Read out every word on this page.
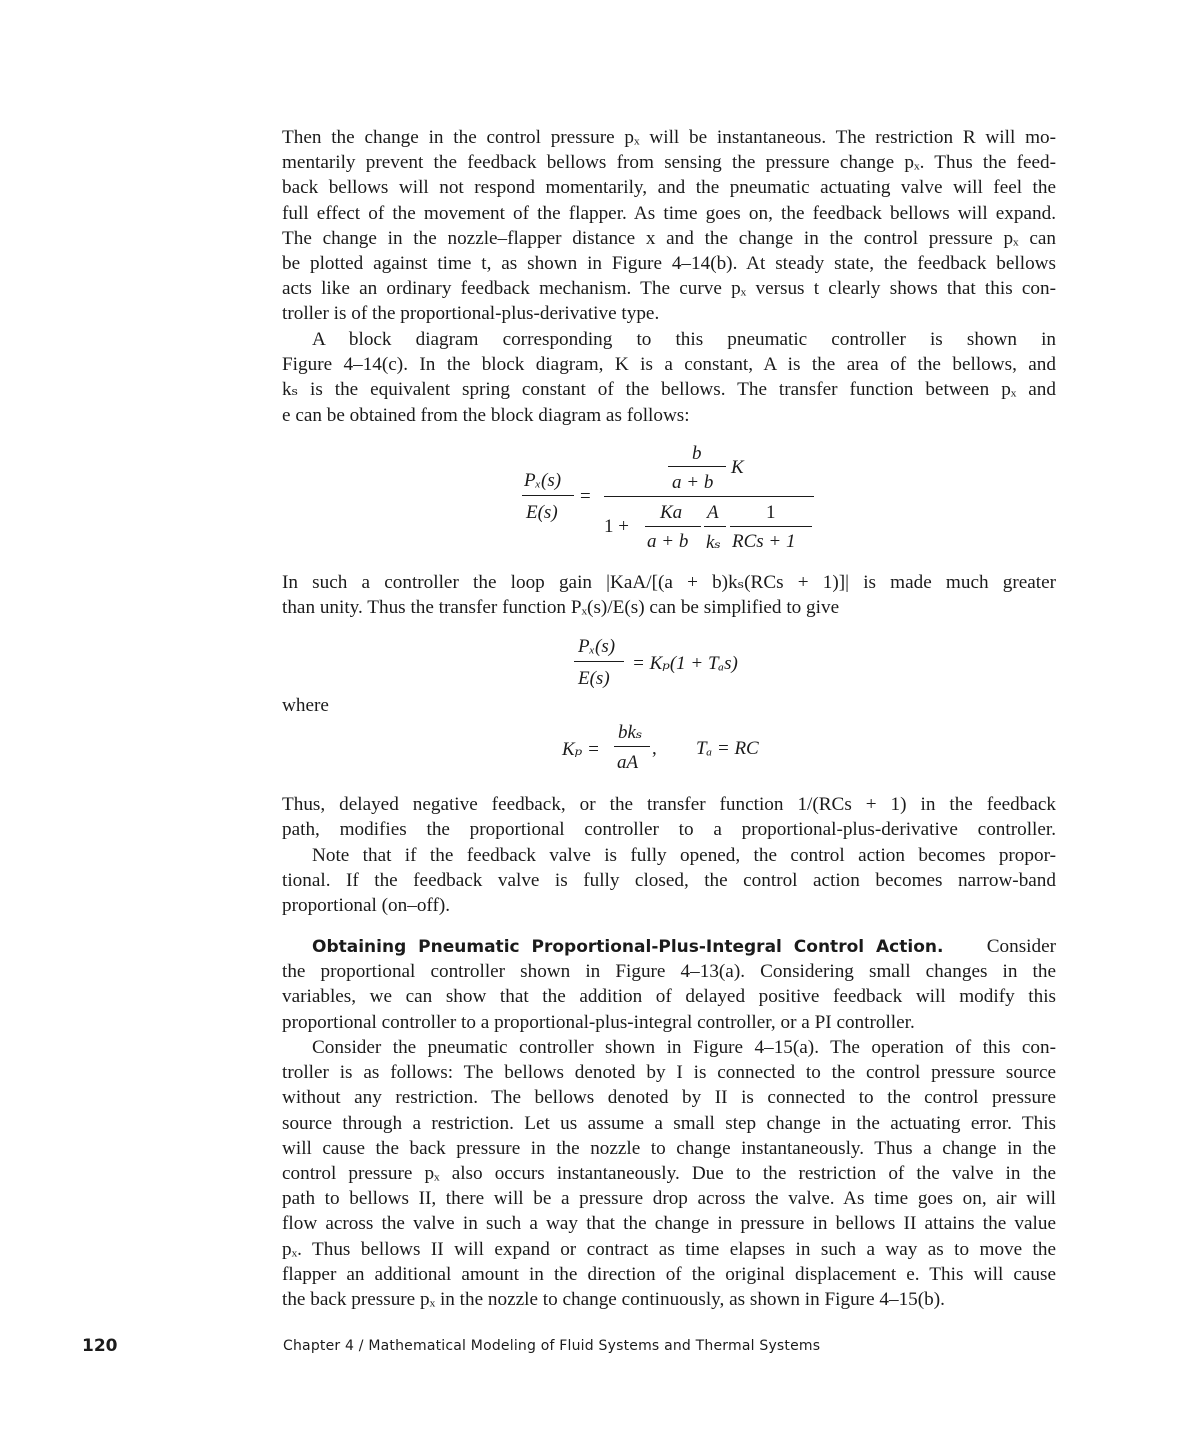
Then the change in the control pressure pₓ will be instantaneous. The restriction R will mo-
mentarily prevent the feedback bellows from sensing the pressure change pₓ. Thus the feed-
back bellows will not respond momentarily, and the pneumatic actuating valve will feel the
full effect of the movement of the flapper. As time goes on, the feedback bellows will expand.
The change in the nozzle–flapper distance x and the change in the control pressure pₓ can
be plotted against time t, as shown in Figure 4–14(b). At steady state, the feedback bellows
acts like an ordinary feedback mechanism. The curve pₓ versus t clearly shows that this con-
troller is of the proportional-plus-derivative type.
A block diagram corresponding to this pneumatic controller is shown in
Figure 4–14(c). In the block diagram, K is a constant, A is the area of the bellows, and
kₛ is the equivalent spring constant of the bellows. The transfer function between pₓ and
e can be obtained from the block diagram as follows:
Pₓ(s)
E(s)
=
b
a + b
K
1 +
Ka
a + b
A
kₛ
1
RCs + 1
In such a controller the loop gain |KaA/[(a + b)kₛ(RCs + 1)]| is made much greater
than unity. Thus the transfer function Pₓ(s)/E(s) can be simplified to give
Pₓ(s)
E(s)
= Kₚ(1 + Tₐs)
where
Kₚ =
bkₛ
aA
, Tₐ = RC
Thus, delayed negative feedback, or the transfer function 1/(RCs + 1) in the feedback
path, modifies the proportional controller to a proportional-plus-derivative controller.
Note that if the feedback valve is fully opened, the control action becomes propor-
tional. If the feedback valve is fully closed, the control action becomes narrow-band
proportional (on–off).
Obtaining Pneumatic Proportional-Plus-Integral Control Action. Consider
the proportional controller shown in Figure 4–13(a). Considering small changes in the
variables, we can show that the addition of delayed positive feedback will modify this
proportional controller to a proportional-plus-integral controller, or a PI controller.
Consider the pneumatic controller shown in Figure 4–15(a). The operation of this con-
troller is as follows: The bellows denoted by I is connected to the control pressure source
without any restriction. The bellows denoted by II is connected to the control pressure
source through a restriction. Let us assume a small step change in the actuating error. This
will cause the back pressure in the nozzle to change instantaneously. Thus a change in the
control pressure pₓ also occurs instantaneously. Due to the restriction of the valve in the
path to bellows II, there will be a pressure drop across the valve. As time goes on, air will
flow across the valve in such a way that the change in pressure in bellows II attains the value
pₓ. Thus bellows II will expand or contract as time elapses in such a way as to move the
flapper an additional amount in the direction of the original displacement e. This will cause
the back pressure pₓ in the nozzle to change continuously, as shown in Figure 4–15(b).
120	Chapter 4 / Mathematical Modeling of Fluid Systems and Thermal Systems
